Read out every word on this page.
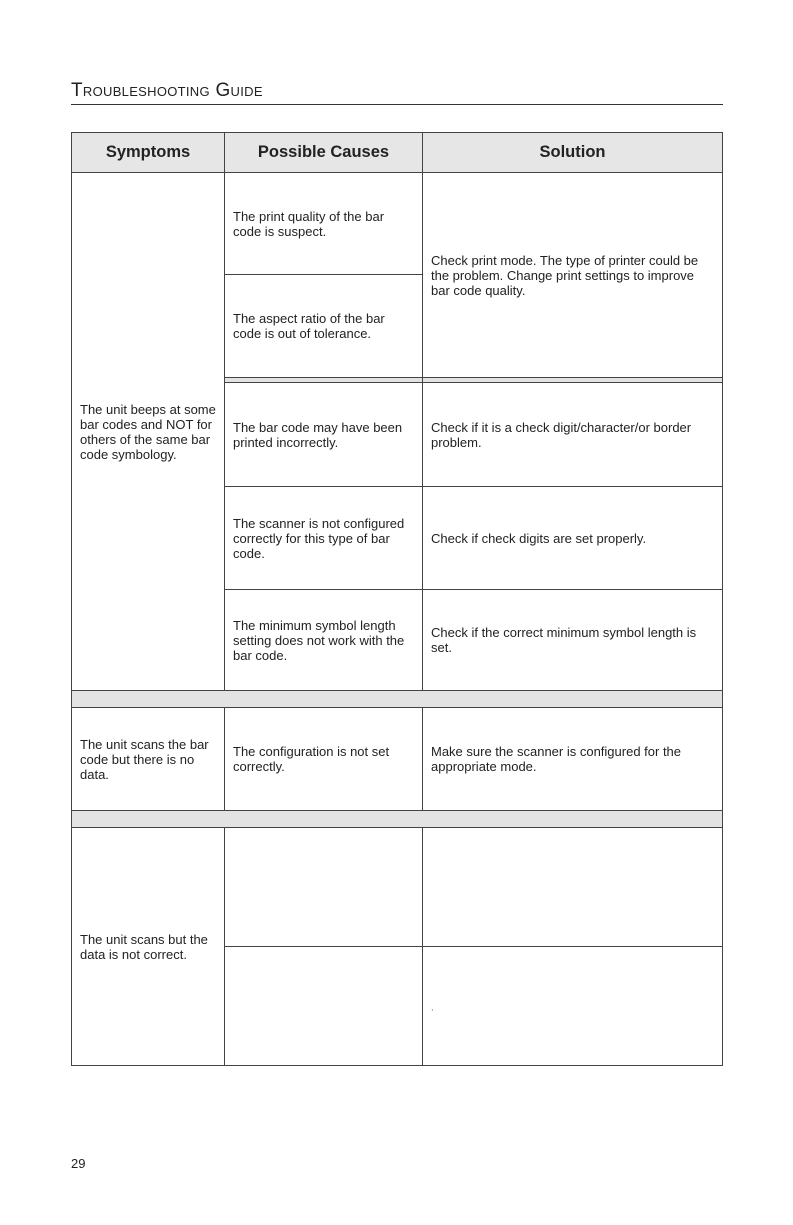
Troubleshooting Guide
Symptoms	Possible Causes	Solution
The unit beeps at some bar codes and NOT for others of the same bar code symbology.	The print quality of the bar code is suspect.	Check print mode. The type of printer could be the problem. Change print settings to improve bar code quality.
	The aspect ratio of the bar code is out of tolerance.	

	The bar code may have been printed incorrectly.	Check if it is a check digit/character/or border problem.
	The scanner is not configured correctly for this type of bar code.	Check if check digits are set properly.
	The minimum symbol length setting does not work with the bar code.	Check if the correct minimum symbol length is set.

The unit scans the bar code but there is no data.	The configuration is not set correctly.	Make sure the scanner is configured for the appropriate mode.

The unit scans but the data is not correct.		
		,
29
